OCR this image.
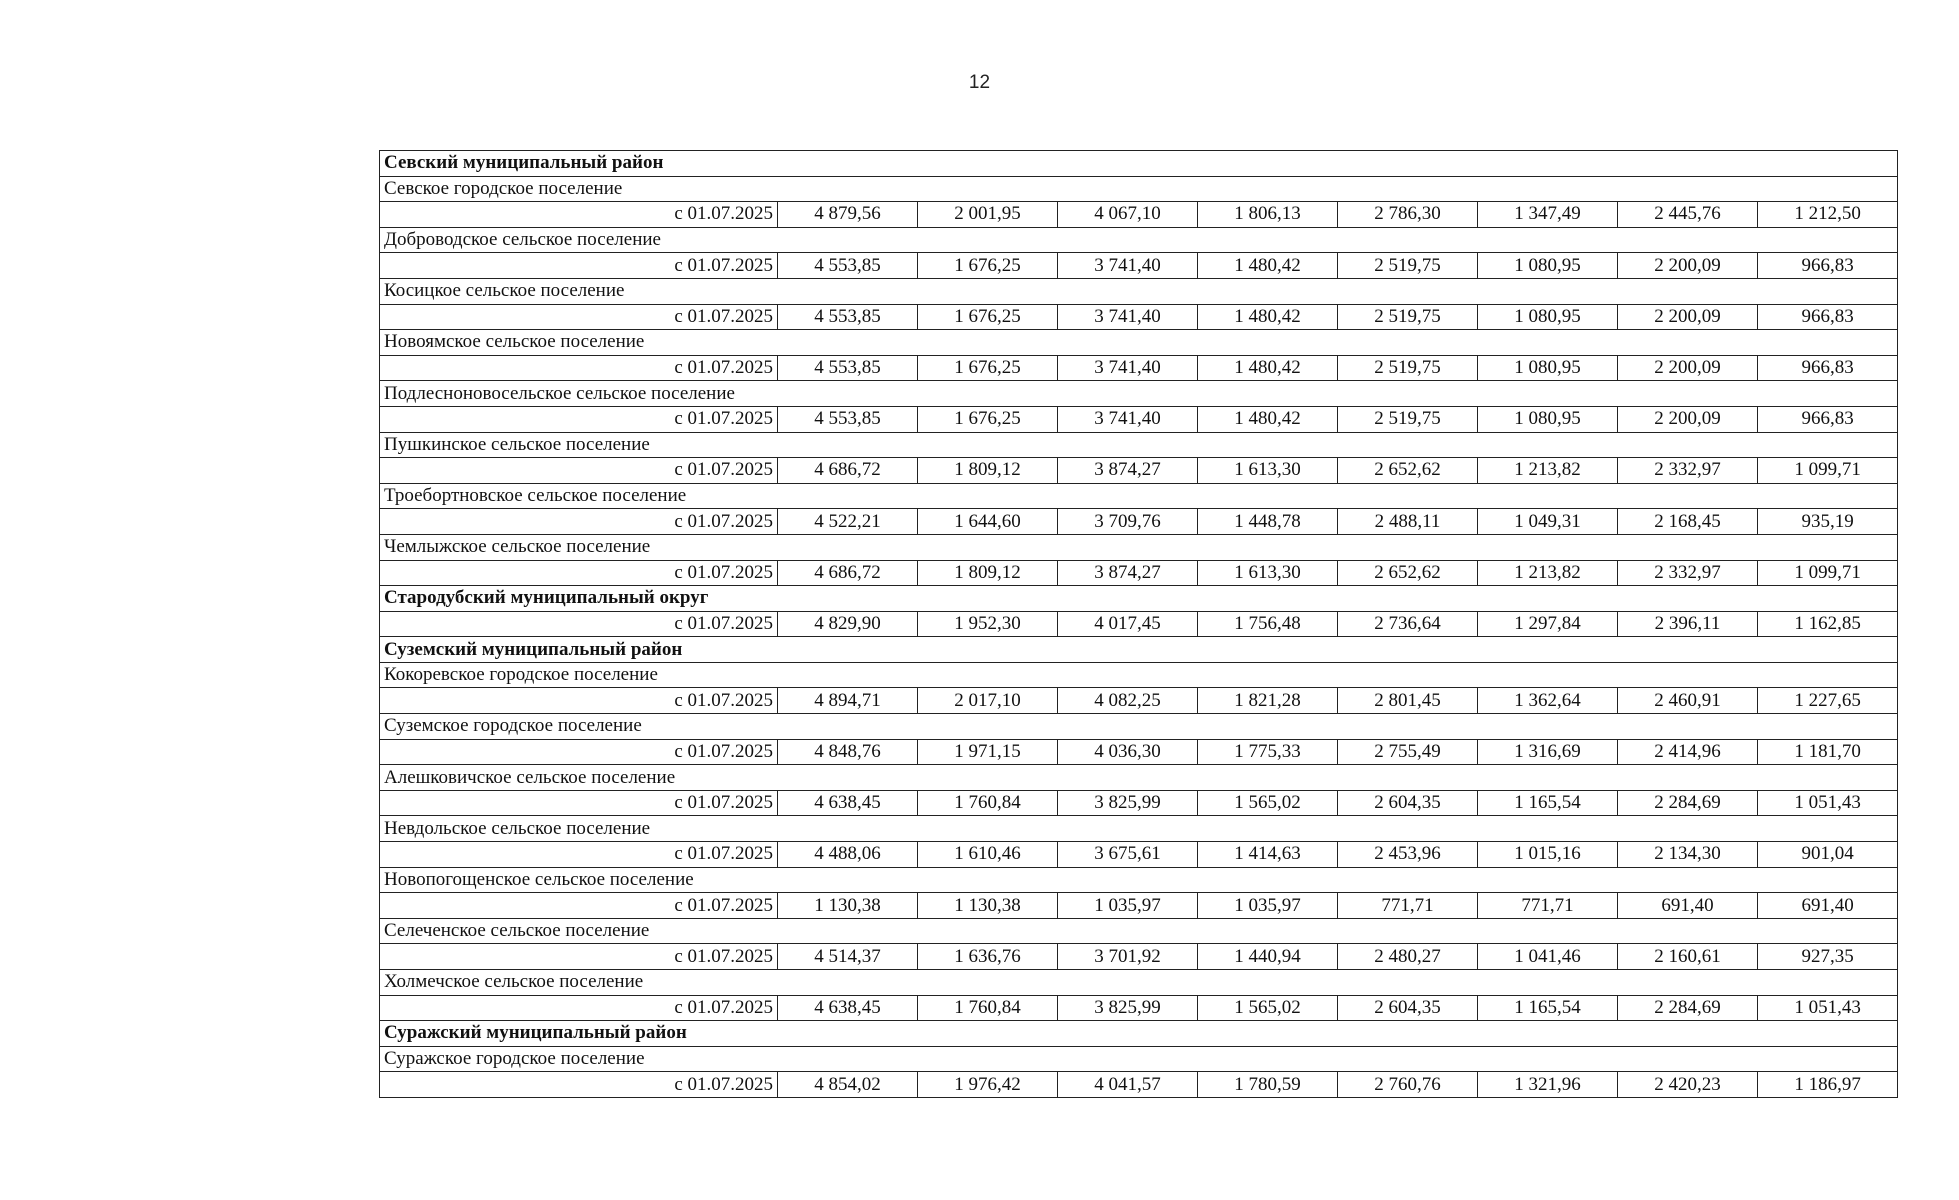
12
Севский муниципальный район								
Севское городское поселение								
с 01.07.2025	4 879,56	2 001,95	4 067,10	1 806,13	2 786,30	1 347,49	2 445,76	1 212,50
Доброводское сельское поселение								
с 01.07.2025	4 553,85	1 676,25	3 741,40	1 480,42	2 519,75	1 080,95	2 200,09	966,83
Косицкое сельское поселение								
с 01.07.2025	4 553,85	1 676,25	3 741,40	1 480,42	2 519,75	1 080,95	2 200,09	966,83
Новоямское сельское поселение								
с 01.07.2025	4 553,85	1 676,25	3 741,40	1 480,42	2 519,75	1 080,95	2 200,09	966,83
Подлесноновосельское сельское поселение								
с 01.07.2025	4 553,85	1 676,25	3 741,40	1 480,42	2 519,75	1 080,95	2 200,09	966,83
Пушкинское сельское поселение								
с 01.07.2025	4 686,72	1 809,12	3 874,27	1 613,30	2 652,62	1 213,82	2 332,97	1 099,71
Троебортновское сельское поселение								
с 01.07.2025	4 522,21	1 644,60	3 709,76	1 448,78	2 488,11	1 049,31	2 168,45	935,19
Чемлыжское сельское поселение								
с 01.07.2025	4 686,72	1 809,12	3 874,27	1 613,30	2 652,62	1 213,82	2 332,97	1 099,71
Стародубский муниципальный округ								
с 01.07.2025	4 829,90	1 952,30	4 017,45	1 756,48	2 736,64	1 297,84	2 396,11	1 162,85
Суземский муниципальный район								
Кокоревское городское поселение								
с 01.07.2025	4 894,71	2 017,10	4 082,25	1 821,28	2 801,45	1 362,64	2 460,91	1 227,65
Суземское городское поселение								
с 01.07.2025	4 848,76	1 971,15	4 036,30	1 775,33	2 755,49	1 316,69	2 414,96	1 181,70
Алешковичское сельское поселение								
с 01.07.2025	4 638,45	1 760,84	3 825,99	1 565,02	2 604,35	1 165,54	2 284,69	1 051,43
Невдольское сельское поселение								
с 01.07.2025	4 488,06	1 610,46	3 675,61	1 414,63	2 453,96	1 015,16	2 134,30	901,04
Новопогощенское сельское поселение								
с 01.07.2025	1 130,38	1 130,38	1 035,97	1 035,97	771,71	771,71	691,40	691,40
Селеченское сельское поселение								
с 01.07.2025	4 514,37	1 636,76	3 701,92	1 440,94	2 480,27	1 041,46	2 160,61	927,35
Холмечское сельское поселение								
с 01.07.2025	4 638,45	1 760,84	3 825,99	1 565,02	2 604,35	1 165,54	2 284,69	1 051,43
Суражский муниципальный район								
Суражское городское поселение								
с 01.07.2025	4 854,02	1 976,42	4 041,57	1 780,59	2 760,76	1 321,96	2 420,23	1 186,97
